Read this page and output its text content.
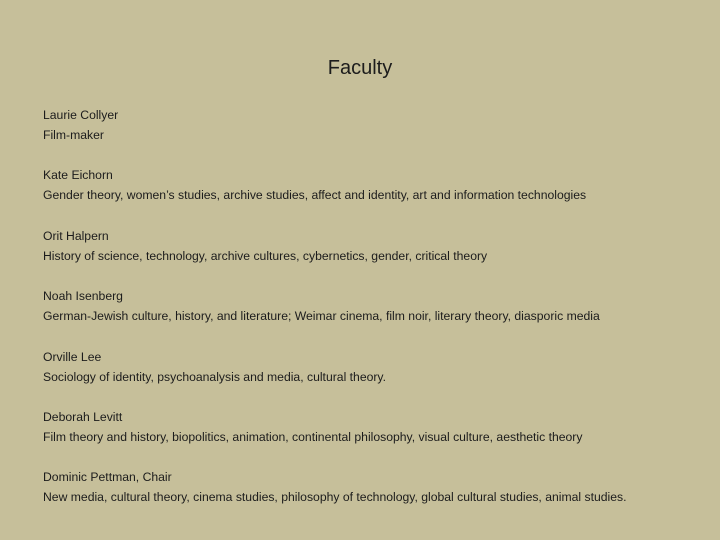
Faculty
Laurie Collyer
Film-maker
Kate Eichorn
Gender theory, women’s studies, archive studies, affect and identity, art and information technologies
Orit Halpern
History of science, technology, archive cultures, cybernetics, gender, critical theory
Noah Isenberg
German-Jewish culture, history, and literature; Weimar cinema, film noir, literary theory, diasporic media
Orville Lee
Sociology of identity, psychoanalysis and media, cultural theory.
Deborah Levitt
Film theory and history, biopolitics, animation, continental philosophy, visual culture, aesthetic theory
Dominic Pettman, Chair
New media, cultural theory, cinema studies, philosophy of technology, global cultural studies, animal studies.
